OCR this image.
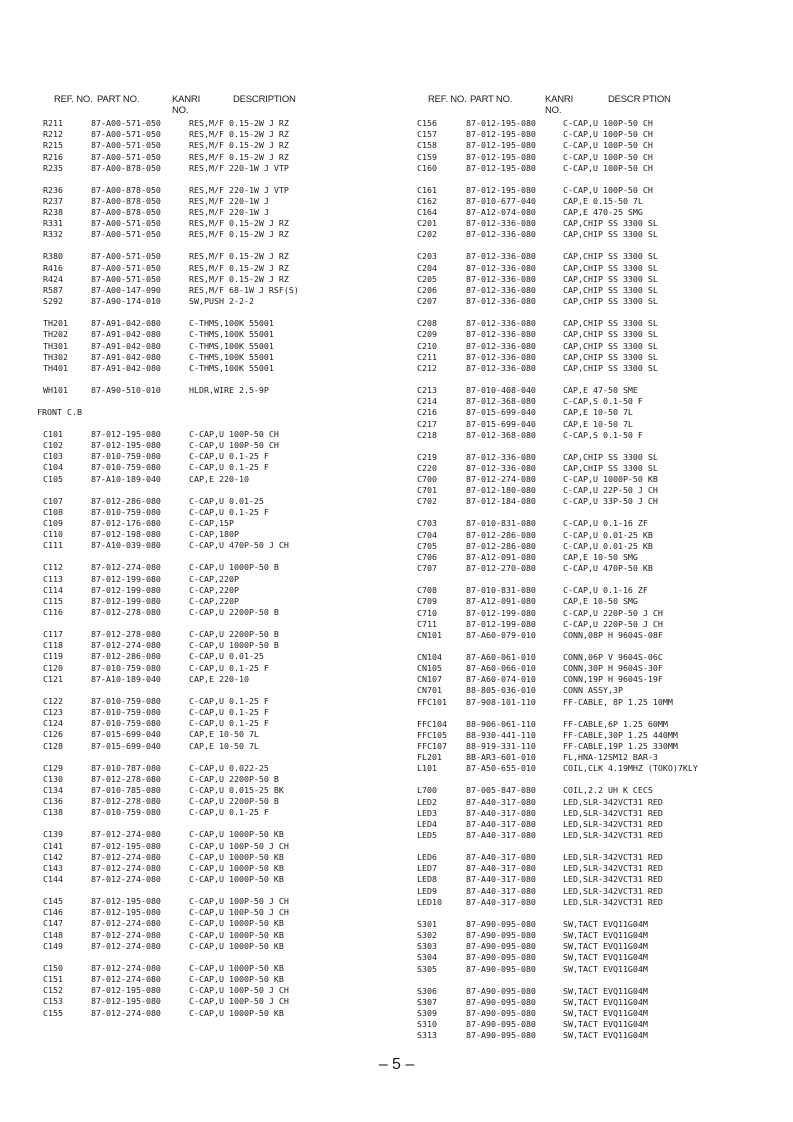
REF. NO. PART NO.	KANRI
NO.
DESCRIPTION
R211	87-A00-571-050	RES,M/F 0.15-2W J RZ
R212	87-A00-571-050	RES,M/F 0.15-2W J RZ
R215	87-A00-571-050	RES,M/F 0.15-2W J RZ
R216	87-A00-571-050	RES,M/F 0.15-2W J RZ
R235	87-A00-878-050	RES,M/F 220-1W J VTP
R236	87-A00-878-050	RES,M/F 220-1W J VTP
R237	87-A00-878-050	RES,M/F 220-1W J
R238	87-A00-878-050	RES,M/F 220-1W J
R331	87-A00-571-050	RES,M/F 0.15-2W J RZ
R332	87-A00-571-050	RES,M/F 0.15-2W J RZ
R380	87-A00-571-050	RES,M/F 0.15-2W J RZ
R416	87-A00-571-050	RES,M/F 0.15-2W J RZ
R424	87-A00-571-050	RES,M/F 0.15-2W J RZ
R587	87-A00-147-090	RES,M/F 68-1W J RSF(S)
S292	87-A90-174-010	SW,PUSH 2-2-2
TH201	87-A91-042-080	C-THMS,100K 55001
TH202	87-A91-042-080	C-THMS,100K 55001
TH301	87-A91-042-080	C-THMS,100K 55001
TH302	87-A91-042-080	C-THMS,100K 55001
TH401	87-A91-042-080	C-THMS,100K 55001
WH101	87-A90-510-010	HLDR,WIRE 2.5-9P
FRONT C.B
C101	87-012-195-080	C-CAP,U 100P-50 CH
C102	87-012-195-080	C-CAP,U 100P-50 CH
C103	87-010-759-080	C-CAP,U 0.1-25 F
C104	87-010-759-080	C-CAP,U 0.1-25 F
C105	87-A10-189-040	CAP,E 220-10
C107	87-012-286-080	C-CAP,U 0.01-25
C108	87-010-759-080	C-CAP,U 0.1-25 F
C109	87-012-176-080	C-CAP,15P
C110	87-012-198-080	C-CAP,180P
C111	87-A10-039-080	C-CAP,U 470P-50 J CH
C112	87-012-274-080	C-CAP,U 1000P-50 B
C113	87-012-199-080	C-CAP,220P
C114	87-012-199-080	C-CAP,220P
C115	87-012-199-080	C-CAP,220P
C116	87-012-278-080	C-CAP,U 2200P-50 B
C117	87-012-278-080	C-CAP,U 2200P-50 B
C118	87-012-274-080	C-CAP,U 1000P-50 B
C119	87-012-286-080	C-CAP,U 0.01-25
C120	87-010-759-080	C-CAP,U 0.1-25 F
C121	87-A10-189-040	CAP,E 220-10
C122	87-010-759-080	C-CAP,U 0.1-25 F
C123	87-010-759-080	C-CAP,U 0.1-25 F
C124	87-010-759-080	C-CAP,U 0.1-25 F
C126	87-015-699-040	CAP,E 10-50 7L
C128	87-015-699-040	CAP,E 10-50 7L
C129	87-010-787-080	C-CAP,U 0.022-25
C130	87-012-278-080	C-CAP,U 2200P-50 B
C134	87-010-785-080	C-CAP,U 0.015-25 BK
C136	87-012-278-080	C-CAP,U 2200P-50 B
C138	87-010-759-080	C-CAP,U 0.1-25 F
C139	87-012-274-080	C-CAP,U 1000P-50 KB
C141	87-012-195-080	C-CAP,U 100P-50 J CH
C142	87-012-274-080	C-CAP,U 1000P-50 KB
C143	87-012-274-080	C-CAP,U 1000P-50 KB
C144	87-012-274-080	C-CAP,U 1000P-50 KB
C145	87-012-195-080	C-CAP,U 100P-50 J CH
C146	87-012-195-080	C-CAP,U 100P-50 J CH
C147	87-012-274-080	C-CAP,U 1000P-50 KB
C148	87-012-274-080	C-CAP,U 1000P-50 KB
C149	87-012-274-080	C-CAP,U 1000P-50 KB
C150	87-012-274-080	C-CAP,U 1000P-50 KB
C151	87-012-274-080	C-CAP,U 1000P-50 KB
C152	87-012-195-080	C-CAP,U 100P-50 J CH
C153	87-012-195-080	C-CAP,U 100P-50 J CH
C155	87-012-274-080	C-CAP,U 1000P-50 KB
REF. NO. PART NO.	KANRI
NO.
DESCR PTION
C156	87-012-195-080	C-CAP,U 100P-50 CH
C157	87-012-195-080	C-CAP,U 100P-50 CH
C158	87-012-195-080	C-CAP,U 100P-50 CH
C159	87-012-195-080	C-CAP,U 100P-50 CH
C160	87-012-195-080	C-CAP,U 100P-50 CH
C161	87-012-195-080	C-CAP,U 100P-50 CH
C162	87-010-677-040	CAP,E 0.15-50 7L
C164	87-A12-074-080	CAP,E 470-25 SMG
C201	87-012-336-080	CAP,CHIP SS 3300 SL
C202	87-012-336-080	CAP,CHIP SS 3300 SL
C203	87-012-336-080	CAP,CHIP SS 3300 SL
C204	87-012-336-080	CAP,CHIP SS 3300 SL
C205	87-012-336-080	CAP,CHIP SS 3300 SL
C206	87-012-336-080	CAP,CHIP SS 3300 SL
C207	87-012-336-080	CAP,CHIP SS 3300 SL
C208	87-012-336-080	CAP,CHIP SS 3300 SL
C209	87-012-336-080	CAP,CHIP SS 3300 SL
C210	87-012-336-080	CAP,CHIP SS 3300 SL
C211	87-012-336-080	CAP,CHIP SS 3300 SL
C212	87-012-336-080	CAP,CHIP SS 3300 SL
C213	87-010-408-040	CAP,E 47-50 SME
C214	87-012-368-080	C-CAP,S 0.1-50 F
C216	87-015-699-040	CAP,E 10-50 7L
C217	87-015-699-040	CAP,E 10-50 7L
C218	87-012-368-080	C-CAP,S 0.1-50 F
C219	87-012-336-080	CAP,CHIP SS 3300 SL
C220	87-012-336-080	CAP,CHIP SS 3300 SL
C700	87-012-274-080	C-CAP,U 1000P-50 KB
C701	87-012-180-080	C-CAP,U 22P-50 J CH
C702	87-012-184-080	C-CAP,U 33P-50 J CH
C703	87-010-831-080	C-CAP,U 0.1-16 ZF
C704	87-012-286-080	C-CAP,U 0.01-25 KB
C705	87-012-286-080	C-CAP,U 0.01-25 KB
C706	87-A12-091-080	CAP,E 10-50 SMG
C707	87-012-270-080	C-CAP,U 470P-50 KB
C708	87-010-831-080	C-CAP,U 0.1-16 ZF
C709	87-A12-091-080	CAP,E 10-50 SMG
C710	87-012-199-080	C-CAP,U 220P-50 J CH
C711	87-012-199-080	C-CAP,U 220P-50 J CH
CN101	87-A60-079-010	CONN,08P H 9604S-08F
CN104	87-A60-061-010	CONN,06P V 9604S-06C
CN105	87-A60-066-010	CONN,30P H 9604S-30F
CN107	87-A60-074-010	CONN,19P H 9604S-19F
CN701	88-805-036-010	CONN ASSY,3P
FFC101 87-908-101-110	FF-CABLE, 8P 1.25 10MM
FFC104 88-906-061-110	FF-CABLE,6P 1.25 60MM
FFC105 88-930-441-110	FF-CABLE,30P 1.25 440MM
FFC107 88-919-331-110	FF-CABLE,19P 1.25 330MM
FL201	8B-AR3-601-010	FL,HNA-12SM12 BAR-3
L101	87-A50-655-010	COIL,CLK 4.19MHZ (TOKO)7KLY
L700	87-005-847-080	COIL,2.2 UH K CECS
LED2	87-A40-317-080	LED,SLR-342VCT31 RED
LED3	87-A40-317-080	LED,SLR-342VCT31 RED
LED4	87-A40-317-080	LED,SLR-342VCT31 RED
LED5	87-A40-317-080	LED,SLR-342VCT31 RED
LED6	87-A40-317-080	LED,SLR-342VCT31 RED
LED7	87-A40-317-080	LED,SLR-342VCT31 RED
LED8	87-A40-317-080	LED,SLR-342VCT31 RED
LED9	87-A40-317-080	LED,SLR-342VCT31 RED
LED10	87-A40-317-080	LED,SLR-342VCT31 RED
S301	87-A90-095-080	SW,TACT EVQ11G04M
S302	87-A90-095-080	SW,TACT EVQ11G04M
S303	87-A90-095-080	SW,TACT EVQ11G04M
S304	87-A90-095-080	SW,TACT EVQ11G04M
S305	87-A90-095-080	SW,TACT EVQ11G04M
S306	87-A90-095-080	SW,TACT EVQ11G04M
S307	87-A90-095-080	SW,TACT EVQ11G04M
S309	87-A90-095-080	SW,TACT EVQ11G04M
S310	87-A90-095-080	SW,TACT EVQ11G04M
S313	87-A90-095-080	SW,TACT EVQ11G04M
– 5 –
